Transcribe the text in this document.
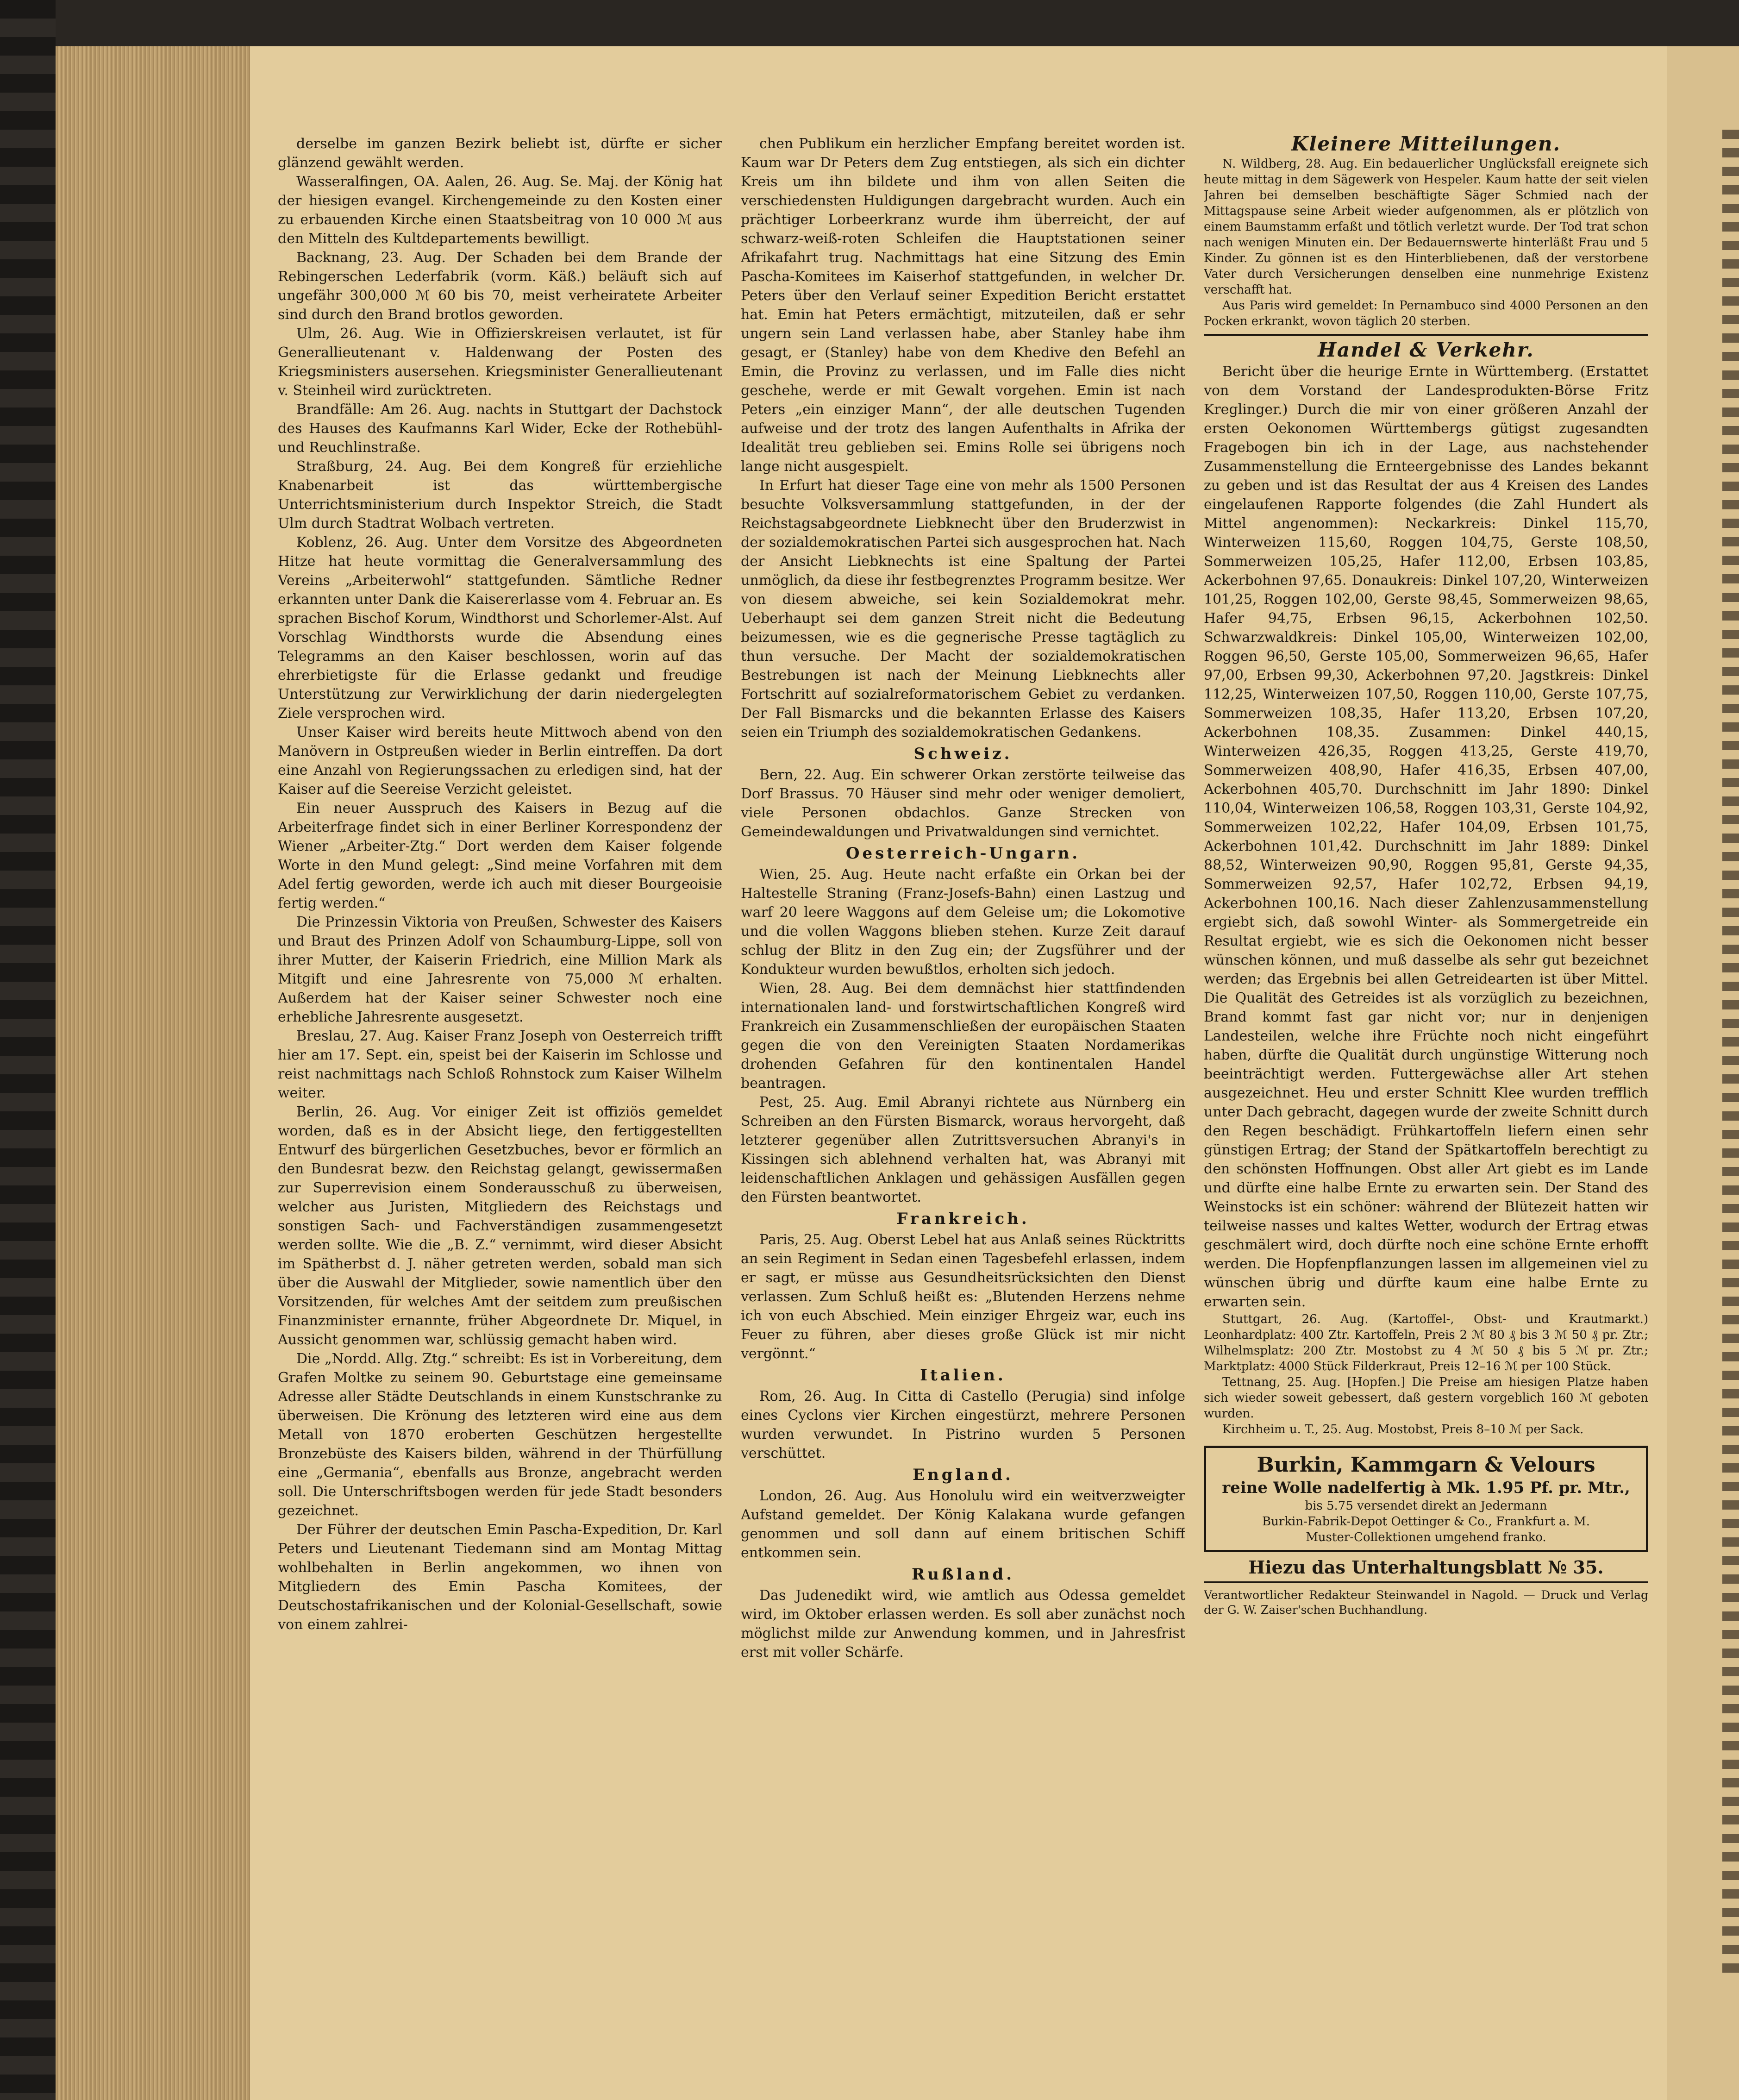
derselbe im ganzen Bezirk beliebt ist, dürfte er sicher glänzend gewählt werden.

Wasseralfingen, OA. Aalen, 26. Aug. Se. Maj. der König hat der hiesigen evangel. Kirchengemeinde zu den Kosten einer zu erbauenden Kirche einen Staatsbeitrag von 10 000 ℳ aus den Mitteln des Kultdepartements bewilligt.

Backnang, 23. Aug. Der Schaden bei dem Brande der Rebingerschen Lederfabrik (vorm. Käß.) beläuft sich auf ungefähr 300,000 ℳ 60 bis 70, meist verheiratete Arbeiter sind durch den Brand brotlos geworden.

Ulm, 26. Aug. Wie in Offizierskreisen verlautet, ist für Generallieutenant v. Haldenwang der Posten des Kriegsministers ausersehen. Kriegsminister Generallieutenant v. Steinheil wird zurücktreten.

Brandfälle: Am 26. Aug. nachts in Stuttgart der Dachstock des Hauses des Kaufmanns Karl Wider, Ecke der Rothebühl- und Reuchlinstraße.

Straßburg, 24. Aug. Bei dem Kongreß für erziehliche Knabenarbeit ist das württembergische Unterrichtsministerium durch Inspektor Streich, die Stadt Ulm durch Stadtrat Wolbach vertreten.

Koblenz, 26. Aug. Unter dem Vorsitze des Abgeordneten Hitze hat heute vormittag die Generalversammlung des Vereins „Arbeiterwohl“ stattgefunden. Sämtliche Redner erkannten unter Dank die Kaisererlasse vom 4. Februar an. Es sprachen Bischof Korum, Windthorst und Schorlemer-Alst. Auf Vorschlag Windthorsts wurde die Absendung eines Telegramms an den Kaiser beschlossen, worin auf das ehrerbietigste für die Erlasse gedankt und freudige Unterstützung zur Verwirklichung der darin niedergelegten Ziele versprochen wird.

Unser Kaiser wird bereits heute Mittwoch abend von den Manövern in Ostpreußen wieder in Berlin eintreffen. Da dort eine Anzahl von Regierungssachen zu erledigen sind, hat der Kaiser auf die Seereise Verzicht geleistet.

Ein neuer Ausspruch des Kaisers in Bezug auf die Arbeiterfrage findet sich in einer Berliner Korrespondenz der Wiener „Arbeiter-Ztg.“ Dort werden dem Kaiser folgende Worte in den Mund gelegt: „Sind meine Vorfahren mit dem Adel fertig geworden, werde ich auch mit dieser Bourgeoisie fertig werden.“

Die Prinzessin Viktoria von Preußen, Schwester des Kaisers und Braut des Prinzen Adolf von Schaumburg-Lippe, soll von ihrer Mutter, der Kaiserin Friedrich, eine Million Mark als Mitgift und eine Jahresrente von 75,000 ℳ erhalten. Außerdem hat der Kaiser seiner Schwester noch eine erhebliche Jahresrente ausgesetzt.

Breslau, 27. Aug. Kaiser Franz Joseph von Oesterreich trifft hier am 17. Sept. ein, speist bei der Kaiserin im Schlosse und reist nachmittags nach Schloß Rohnstock zum Kaiser Wilhelm weiter.

Berlin, 26. Aug. Vor einiger Zeit ist offiziös gemeldet worden, daß es in der Absicht liege, den fertiggestellten Entwurf des bürgerlichen Gesetzbuches, bevor er förmlich an den Bundesrat bezw. den Reichstag gelangt, gewissermaßen zur Superrevision einem Sonderausschuß zu überweisen, welcher aus Juristen, Mitgliedern des Reichstags und sonstigen Sach- und Fachverständigen zusammengesetzt werden sollte. Wie die „B. Z.“ vernimmt, wird dieser Absicht im Spätherbst d. J. näher getreten werden, sobald man sich über die Auswahl der Mitglieder, sowie namentlich über den Vorsitzenden, für welches Amt der seitdem zum preußischen Finanzminister ernannte, früher Abgeordnete Dr. Miquel, in Aussicht genommen war, schlüssig gemacht haben wird.

Die „Nordd. Allg. Ztg.“ schreibt: Es ist in Vorbereitung, dem Grafen Moltke zu seinem 90. Geburtstage eine gemeinsame Adresse aller Städte Deutschlands in einem Kunstschranke zu überweisen. Die Krönung des letzteren wird eine aus dem Metall von 1870 eroberten Geschützen hergestellte Bronzebüste des Kaisers bilden, während in der Thürfüllung eine „Germania“, ebenfalls aus Bronze, angebracht werden soll. Die Unterschriftsbogen werden für jede Stadt besonders gezeichnet.

Der Führer der deutschen Emin Pascha-Expedition, Dr. Karl Peters und Lieutenant Tiedemann sind am Montag Mittag wohlbehalten in Berlin angekommen, wo ihnen von Mitgliedern des Emin Pascha Komitees, der Deutschostafrikanischen und der Kolonial-Gesellschaft, sowie von einem zahlrei-

chen Publikum ein herzlicher Empfang bereitet worden ist. Kaum war Dr Peters dem Zug entstiegen, als sich ein dichter Kreis um ihn bildete und ihm von allen Seiten die verschiedensten Huldigungen dargebracht wurden. Auch ein prächtiger Lorbeerkranz wurde ihm überreicht, der auf schwarz-weiß-roten Schleifen die Hauptstationen seiner Afrikafahrt trug. Nachmittags hat eine Sitzung des Emin Pascha-Komitees im Kaiserhof stattgefunden, in welcher Dr. Peters über den Verlauf seiner Expedition Bericht erstattet hat. Emin hat Peters ermächtigt, mitzuteilen, daß er sehr ungern sein Land verlassen habe, aber Stanley habe ihm gesagt, er (Stanley) habe von dem Khedive den Befehl an Emin, die Provinz zu verlassen, und im Falle dies nicht geschehe, werde er mit Gewalt vorgehen. Emin ist nach Peters „ein einziger Mann“, der alle deutschen Tugenden aufweise und der trotz des langen Aufenthalts in Afrika der Idealität treu geblieben sei. Emins Rolle sei übrigens noch lange nicht ausgespielt.

In Erfurt hat dieser Tage eine von mehr als 1500 Personen besuchte Volksversammlung stattgefunden, in der der Reichstagsabgeordnete Liebknecht über den Bruderzwist in der sozialdemokratischen Partei sich ausgesprochen hat. Nach der Ansicht Liebknechts ist eine Spaltung der Partei unmöglich, da diese ihr festbegrenztes Programm besitze. Wer von diesem abweiche, sei kein Sozialdemokrat mehr. Ueberhaupt sei dem ganzen Streit nicht die Bedeutung beizumessen, wie es die gegnerische Presse tagtäglich zu thun versuche. Der Macht der sozialdemokratischen Bestrebungen ist nach der Meinung Liebknechts aller Fortschritt auf sozialreformatorischem Gebiet zu verdanken. Der Fall Bismarcks und die bekannten Erlasse des Kaisers seien ein Triumph des sozialdemokratischen Gedankens.

Schweiz.

Bern, 22. Aug. Ein schwerer Orkan zerstörte teilweise das Dorf Brassus. 70 Häuser sind mehr oder weniger demoliert, viele Personen obdachlos. Ganze Strecken von Gemeindewaldungen und Privatwaldungen sind vernichtet.

Oesterreich-Ungarn.

Wien, 25. Aug. Heute nacht erfaßte ein Orkan bei der Haltestelle Straning (Franz-Josefs-Bahn) einen Lastzug und warf 20 leere Waggons auf dem Geleise um; die Lokomotive und die vollen Waggons blieben stehen. Kurze Zeit darauf schlug der Blitz in den Zug ein; der Zugsführer und der Kondukteur wurden bewußtlos, erholten sich jedoch.

Wien, 28. Aug. Bei dem demnächst hier stattfindenden internationalen land- und forstwirtschaftlichen Kongreß wird Frankreich ein Zusammenschließen der europäischen Staaten gegen die von den Vereinigten Staaten Nordamerikas drohenden Gefahren für den kontinentalen Handel beantragen.

Pest, 25. Aug. Emil Abranyi richtete aus Nürnberg ein Schreiben an den Fürsten Bismarck, woraus hervorgeht, daß letzterer gegenüber allen Zutrittsversuchen Abranyi's in Kissingen sich ablehnend verhalten hat, was Abranyi mit leidenschaftlichen Anklagen und gehässigen Ausfällen gegen den Fürsten beantwortet.

Frankreich.

Paris, 25. Aug. Oberst Lebel hat aus Anlaß seines Rücktritts an sein Regiment in Sedan einen Tagesbefehl erlassen, indem er sagt, er müsse aus Gesundheitsrücksichten den Dienst verlassen. Zum Schluß heißt es: „Blutenden Herzens nehme ich von euch Abschied. Mein einziger Ehrgeiz war, euch ins Feuer zu führen, aber dieses große Glück ist mir nicht vergönnt.“

Italien.

Rom, 26. Aug. In Citta di Castello (Perugia) sind infolge eines Cyclons vier Kirchen eingestürzt, mehrere Personen wurden verwundet. In Pistrino wurden 5 Personen verschüttet.

England.

London, 26. Aug. Aus Honolulu wird ein weitverzweigter Aufstand gemeldet. Der König Kalakana wurde gefangen genommen und soll dann auf einem britischen Schiff entkommen sein.

Rußland.

Das Judenedikt wird, wie amtlich aus Odessa gemeldet wird, im Oktober erlassen werden. Es soll aber zunächst noch möglichst milde zur Anwendung kommen, und in Jahresfrist erst mit voller Schärfe.

Kleinere Mitteilungen.

N. Wildberg, 28. Aug. Ein bedauerlicher Unglücksfall ereignete sich heute mittag in dem Sägewerk von Hespeler. Kaum hatte der seit vielen Jahren bei demselben beschäftigte Säger Schmied nach der Mittagspause seine Arbeit wieder aufgenommen, als er plötzlich von einem Baumstamm erfaßt und tötlich verletzt wurde. Der Tod trat schon nach wenigen Minuten ein. Der Bedauernswerte hinterläßt Frau und 5 Kinder. Zu gönnen ist es den Hinterbliebenen, daß der verstorbene Vater durch Versicherungen denselben eine nunmehrige Existenz verschafft hat.

Aus Paris wird gemeldet: In Pernambuco sind 4000 Personen an den Pocken erkrankt, wovon täglich 20 sterben.

Handel & Verkehr.

Bericht über die heurige Ernte in Württemberg. (Erstattet von dem Vorstand der Landesprodukten-Börse Fritz Kreglinger.) Durch die mir von einer größeren Anzahl der ersten Oekonomen Württembergs gütigst zugesandten Fragebogen bin ich in der Lage, aus nachstehender Zusammenstellung die Ernteergebnisse des Landes bekannt zu geben und ist das Resultat der aus 4 Kreisen des Landes eingelaufenen Rapporte folgendes (die Zahl Hundert als Mittel angenommen): Neckarkreis: Dinkel 115,70, Winterweizen 115,60, Roggen 104,75, Gerste 108,50, Sommerweizen 105,25, Hafer 112,00, Erbsen 103,85, Ackerbohnen 97,65. Donaukreis: Dinkel 107,20, Winterweizen 101,25, Roggen 102,00, Gerste 98,45, Sommerweizen 98,65, Hafer 94,75, Erbsen 96,15, Ackerbohnen 102,50. Schwarzwaldkreis: Dinkel 105,00, Winterweizen 102,00, Roggen 96,50, Gerste 105,00, Sommerweizen 96,65, Hafer 97,00, Erbsen 99,30, Ackerbohnen 97,20. Jagstkreis: Dinkel 112,25, Winterweizen 107,50, Roggen 110,00, Gerste 107,75, Sommerweizen 108,35, Hafer 113,20, Erbsen 107,20, Ackerbohnen 108,35. Zusammen: Dinkel 440,15, Winterweizen 426,35, Roggen 413,25, Gerste 419,70, Sommerweizen 408,90, Hafer 416,35, Erbsen 407,00, Ackerbohnen 405,70. Durchschnitt im Jahr 1890: Dinkel 110,04, Winterweizen 106,58, Roggen 103,31, Gerste 104,92, Sommerweizen 102,22, Hafer 104,09, Erbsen 101,75, Ackerbohnen 101,42. Durchschnitt im Jahr 1889: Dinkel 88,52, Winterweizen 90,90, Roggen 95,81, Gerste 94,35, Sommerweizen 92,57, Hafer 102,72, Erbsen 94,19, Ackerbohnen 100,16. Nach dieser Zahlenzusammenstellung ergiebt sich, daß sowohl Winter- als Sommergetreide ein Resultat ergiebt, wie es sich die Oekonomen nicht besser wünschen können, und muß dasselbe als sehr gut bezeichnet werden; das Ergebnis bei allen Getreidearten ist über Mittel. Die Qualität des Getreides ist als vorzüglich zu bezeichnen, Brand kommt fast gar nicht vor; nur in denjenigen Landesteilen, welche ihre Früchte noch nicht eingeführt haben, dürfte die Qualität durch ungünstige Witterung noch beeinträchtigt werden. Futtergewächse aller Art stehen ausgezeichnet. Heu und erster Schnitt Klee wurden trefflich unter Dach gebracht, dagegen wurde der zweite Schnitt durch den Regen beschädigt. Frühkartoffeln liefern einen sehr günstigen Ertrag; der Stand der Spätkartoffeln berechtigt zu den schönsten Hoffnungen. Obst aller Art giebt es im Lande und dürfte eine halbe Ernte zu erwarten sein. Der Stand des Weinstocks ist ein schöner: während der Blütezeit hatten wir teilweise nasses und kaltes Wetter, wodurch der Ertrag etwas geschmälert wird, doch dürfte noch eine schöne Ernte erhofft werden. Die Hopfenpflanzungen lassen im allgemeinen viel zu wünschen übrig und dürfte kaum eine halbe Ernte zu erwarten sein.

Stuttgart, 26. Aug. (Kartoffel-, Obst- und Krautmarkt.) Leonhardplatz: 400 Ztr. Kartoffeln, Preis 2 ℳ 80 ₰ bis 3 ℳ 50 ₰ pr. Ztr.; Wilhelmsplatz: 200 Ztr. Mostobst zu 4 ℳ 50 ₰ bis 5 ℳ pr. Ztr.; Marktplatz: 4000 Stück Filderkraut, Preis 12–16 ℳ per 100 Stück.

Tettnang, 25. Aug. [Hopfen.] Die Preise am hiesigen Platze haben sich wieder soweit gebessert, daß gestern vorgeblich 160 ℳ geboten wurden.

Kirchheim u. T., 25. Aug. Mostobst, Preis 8–10 ℳ per Sack.

Burkin, Kammgarn & Velours
reine Wolle nadelfertig à Mk. 1.95 Pf. pr. Mtr.,
bis 5.75 versendet direkt an Jedermann
Burkin-Fabrik-Depot Oettinger & Co., Frankfurt a. M.
Muster-Collektionen umgehend franko.
Hiezu das Unterhaltungsblatt № 35.
Verantwortlicher Redakteur Steinwandel in Nagold. — Druck und Verlag der G. W. Zaiser'schen Buchhandlung.
